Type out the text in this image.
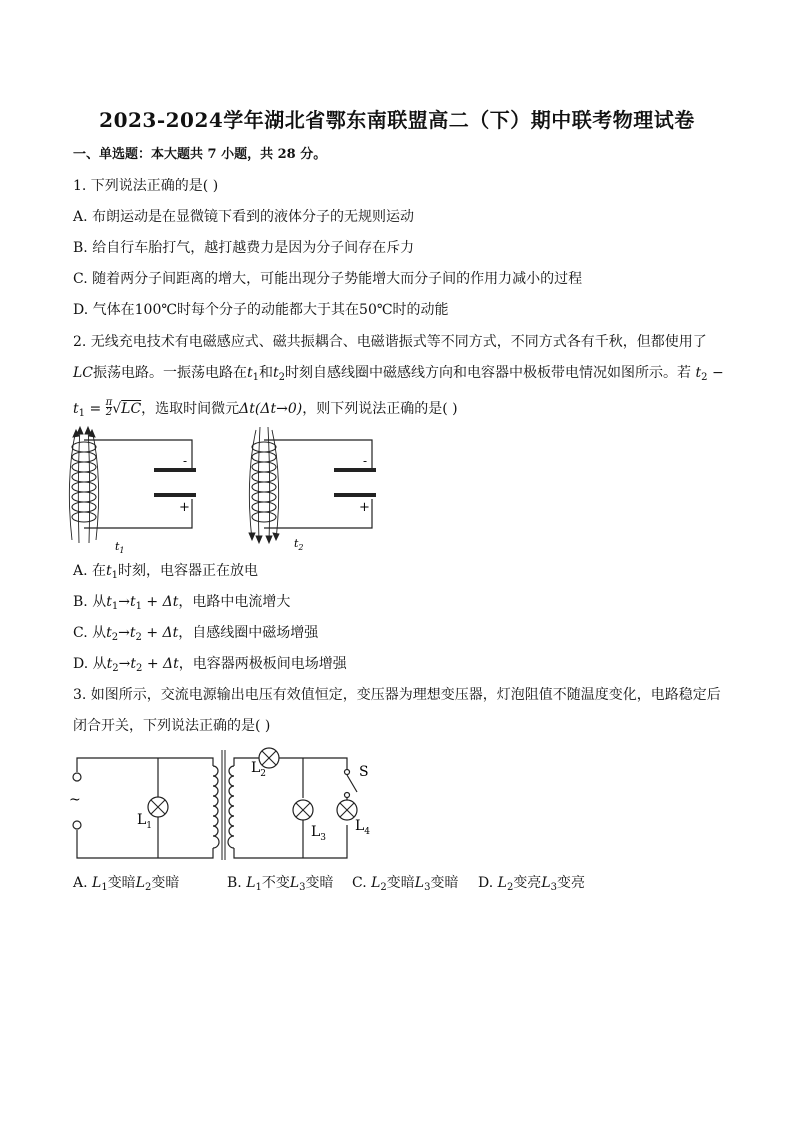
2023-2024学年湖北省鄂东南联盟高二（下）期中联考物理试卷
一、单选题：本大题共 7 小题，共 28 分。
1. 下列说法正确的是( )
A. 布朗运动是在显微镜下看到的液体分子的无规则运动
B. 给自行车胎打气，越打越费力是因为分子间存在斥力
C. 随着两分子间距离的增大，可能出现分子势能增大而分子间的作用力减小的过程
D. 气体在100℃时每个分子的动能都大于其在50℃时的动能
2. 无线充电技术有电磁感应式、磁共振耦合、电磁谐振式等不同方式，不同方式各有千秋，但都使用了
LC振荡电路。一振荡电路在$t_1$和$t_2$时刻自感线圈中磁感线方向和电容器中极板带电情况如图所示。若 $t_2$ −
$t_1 = \frac{\pi}{2} √LC$，选取时间微元Δt(Δt→0)，则下列说法正确的是( )
-
+
$t_1$
-
+
$t_2$
A. 在$t_1$时刻，电容器正在放电
B. 从$t_1\to t_1 + \Delta t$，电路中电流增大
C. 从$t_2\to t_2 + \Delta t$，自感线圈中磁场增强
D. 从$t_2\to t_2 + \Delta t$，电容器两极板间电场增强
3. 如图所示，交流电源输出电压有效值恒定，变压器为理想变压器，灯泡阻值不随温度变化，电路稳定后
闭合开关，下列说法正确的是( )
~
$L_1$
$L_2$
$L_3$
$L_4$
S
A. $L_1$变暗$L_2$变暗	B. $L_1$不变$L_3$变暗 C. $L_2$变暗$L_3$变暗 D. $L_2$变亮$L_3$变亮
